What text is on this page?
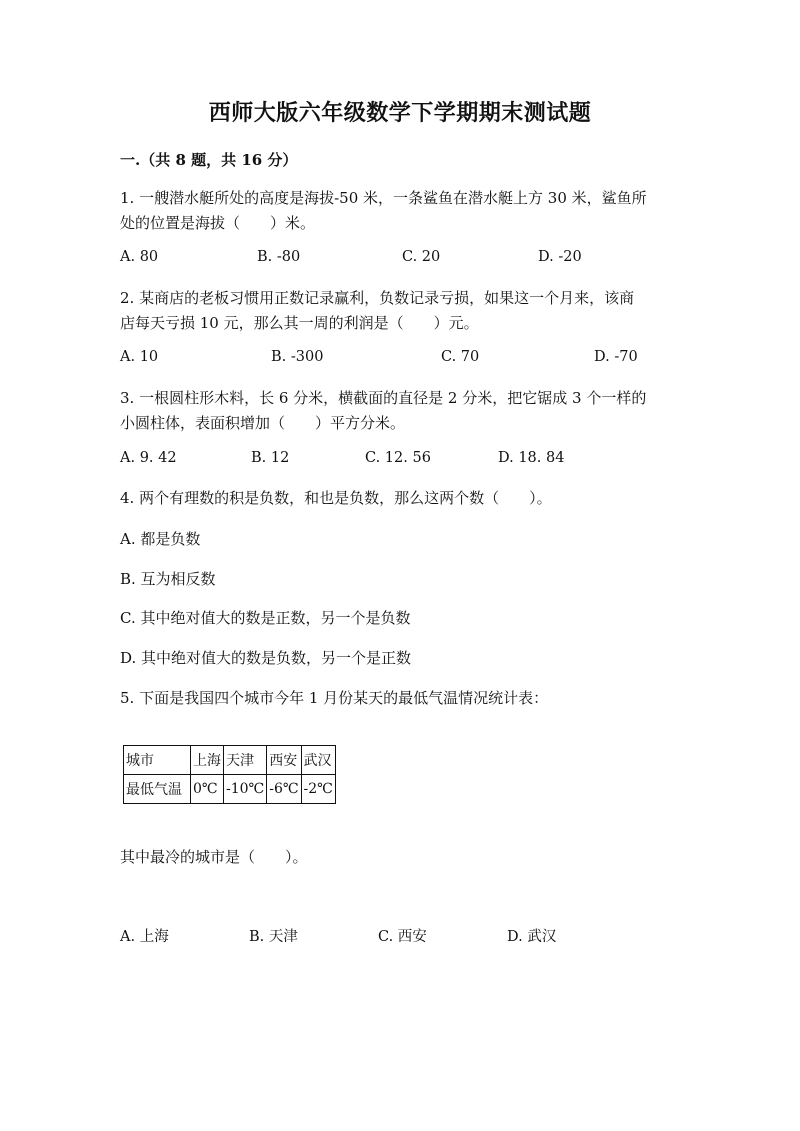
西师大版六年级数学下学期期末测试题
一.（共 8 题，共 16 分）
1. 一艘潜水艇所处的高度是海拔-50 米，一条鲨鱼在潜水艇上方 30 米，鲨鱼所
处的位置是海拔（　　）米。
A. 80	B. -80	C. 20	D. -20
2. 某商店的老板习惯用正数记录赢利，负数记录亏损，如果这一个月来，该商
店每天亏损 10 元，那么其一周的利润是（　　）元。
A. 10	B. -300	C. 70	D. -70
3. 一根圆柱形木料，长 6 分米，横截面的直径是 2 分米，把它锯成 3 个一样的
小圆柱体，表面积增加（　　）平方分米。
A. 9. 42	B. 12	C. 12. 56	D. 18. 84
4. 两个有理数的积是负数，和也是负数，那么这两个数（　　）。
A. 都是负数
B. 互为相反数
C. 其中绝对值大的数是正数，另一个是负数
D. 其中绝对值大的数是负数，另一个是正数
5. 下面是我国四个城市今年 1 月份某天的最低气温情况统计表：
城市	上海	天津	西安	武汉
最低气温	0℃	-10℃	-6℃	-2℃
其中最冷的城市是（　　）。
A. 上海	B. 天津	C. 西安	D. 武汉
